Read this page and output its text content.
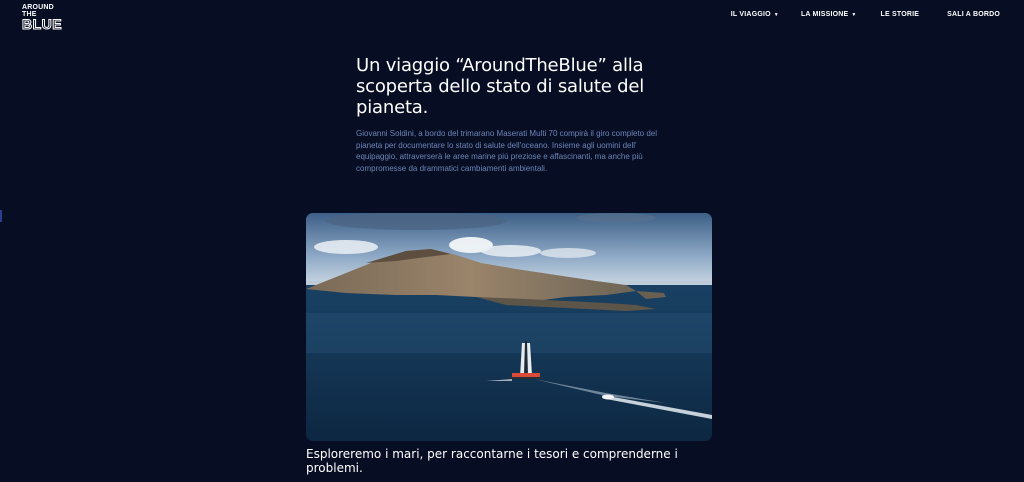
AROUND THE
BLUE
IL VIAGGIO ▼	LA MISSIONE ▼	LE STORIE	SALI A BORDO
Un viaggio “AroundTheBlue” alla scoperta dello stato di salute del pianeta.

Giovanni Soldini, a bordo del trimarano Maserati Multi 70 compirà il giro completo del pianeta per documentare lo stato di salute dell'oceano. Insieme agli uomini dell' equipaggio, attraverserà le aree marine più preziose e affascinanti, ma anche più compromesse da drammatici cambiamenti ambientali.

Esploreremo i mari, per raccontarne i tesori e comprenderne i problemi.
